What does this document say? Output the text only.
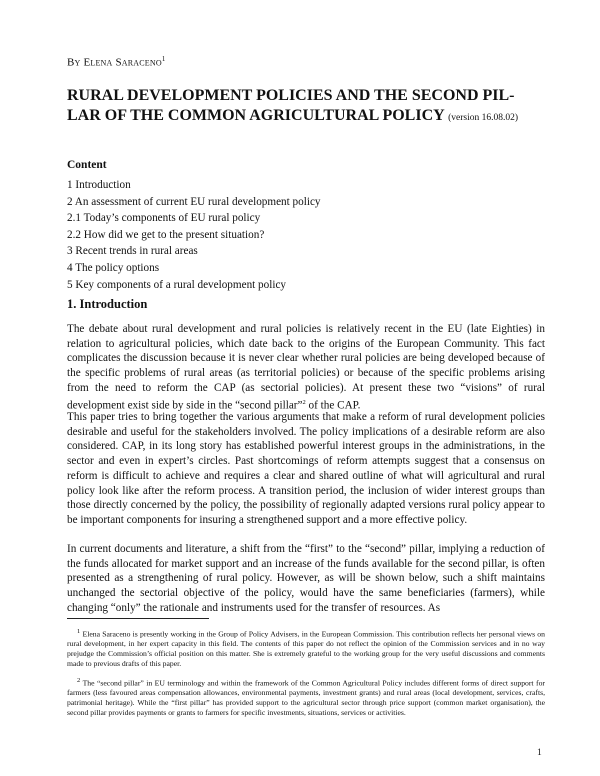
By Elena Saraceno$^1$
RURAL DEVELOPMENT POLICIES AND THE SECOND PIL-LAR OF THE COMMON AGRICULTURAL POLICY (version 16.08.02)
Content
1 Introduction
2 An assessment of current EU rural development policy
2.1 Today’s components of EU rural policy
2.2 How did we get to the present situation?
3 Recent trends in rural areas
4 The policy options
5 Key components of a rural development policy
1. Introduction

The debate about rural development and rural policies is relatively recent in the EU (late Eighties) in relation to agricultural policies, which date back to the origins of the European Community. This fact complicates the discussion because it is never clear whether rural policies are being developed because of the specific problems of rural areas (as territorial policies) or because of the specific problems arising from the need to reform the CAP (as sectorial policies). At present these two “visions” of rural development exist side by side in the “second pillar”$^2$ of the CAP.

This paper tries to bring together the various arguments that make a reform of rural development policies desirable and useful for the stakeholders involved. The policy implications of a desirable reform are also considered. CAP, in its long story has established powerful interest groups in the administrations, in the sector and even in expert’s circles. Past shortcomings of reform attempts suggest that a consensus on reform is difficult to achieve and requires a clear and shared outline of what will agricultural and rural policy look like after the reform process. A transition period, the inclusion of wider interest groups than those directly concerned by the policy, the possibility of regionally adapted versions rural policy appear to be important components for insuring a strengthened support and a more effective policy.

In current documents and literature, a shift from the “first” to the “second” pillar, implying a reduction of the funds allocated for market support and an increase of the funds available for the second pillar, is often presented as a strengthening of rural policy. However, as will be shown below, such a shift maintains unchanged the sectorial objective of the policy, would have the same beneficiaries (farmers), while changing “only” the rationale and instruments used for the transfer of resources. As

$^1$ Elena Saraceno is presently working in the Group of Policy Advisers, in the European Commission. This contribution reflects her personal views on rural development, in her expert capacity in this field. The contents of this paper do not reflect the opinion of the Commission services and in no way prejudge the Commission’s official position on this matter. She is extremely grateful to the working group for the very useful discussions and comments made to previous drafts of this paper.

$^2$ The “second pillar” in EU terminology and within the framework of the Common Agricultural Policy includes different forms of direct support for farmers (less favoured areas compensation allowances, environmental payments, investment grants) and rural areas (local development, services, crafts, patrimonial heritage). While the “first pillar” has provided support to the agricultural sector through price support (common market organisation), the second pillar provides payments or grants to farmers for specific investments, situations, services or activities.

1
